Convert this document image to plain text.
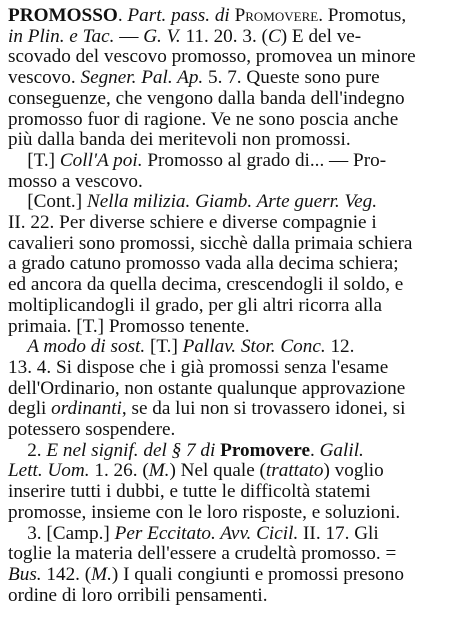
PROMOSSO. Part. pass. di Promovere. Promotus,
in Plin. e Tac. — G. V. 11. 20. 3. (C) E del ve-
scovado del vescovo promosso, promovea un minore
vescovo. Segner. Pal. Ap. 5. 7. Queste sono pure
conseguenze, che vengono dalla banda dell'indegno
promosso fuor di ragione. Ve ne sono poscia anche
più dalla banda dei meritevoli non promossi.
[T.] Coll'A poi. Promosso al grado di... — Pro-
mosso a vescovo.
[Cont.] Nella milizia. Giamb. Arte guerr. Veg.
II. 22. Per diverse schiere e diverse compagnie i
cavalieri sono promossi, sicchè dalla primaia schiera
a grado catuno promosso vada alla decima schiera;
ed ancora da quella decima, crescendogli il soldo, e
moltiplicandogli il grado, per gli altri ricorra alla
primaia. [T.] Promosso tenente.
A modo di sost. [T.] Pallav. Stor. Conc. 12.
13. 4. Si dispose che i già promossi senza l'esame
dell'Ordinario, non ostante qualunque approvazione
degli ordinanti, se da lui non si trovassero idonei, si
potessero sospendere.
2. E nel signif. del § 7 di Promovere. Galil.
Lett. Uom. 1. 26. (M.) Nel quale (trattato) voglio
inserire tutti i dubbi, e tutte le difficoltà statemi
promosse, insieme con le loro risposte, e soluzioni.
3. [Camp.] Per Eccitato. Avv. Cicil. II. 17. Gli
toglie la materia dell'essere a crudeltà promosso. =
Bus. 142. (M.) I quali congiunti e promossi presono
ordine di loro orribili pensamenti.
